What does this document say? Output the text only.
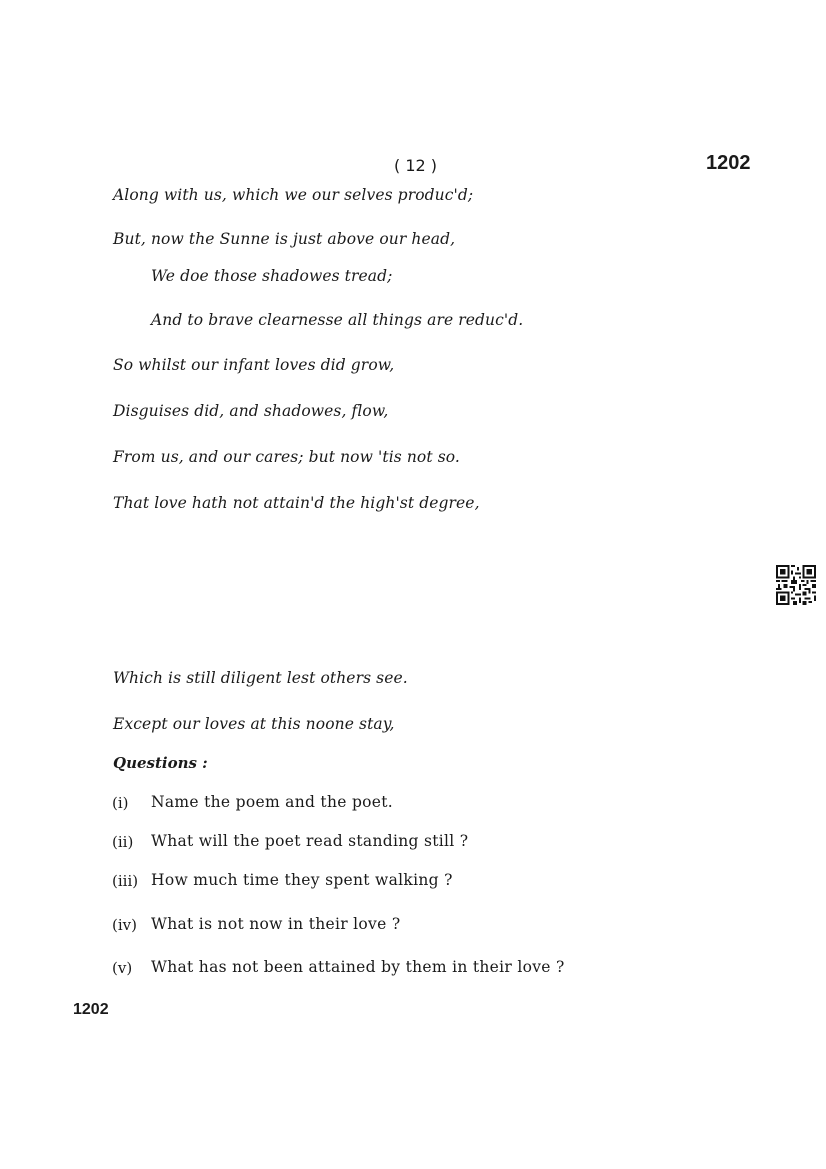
( 12 )	1202
Along with us, which we our selves produc'd;
But, now the Sunne is just above our head,
We doe those shadowes tread;
And to brave clearnesse all things are reduc'd.
So whilst our infant loves did grow,
Disguises did, and shadowes, flow,
From us, and our cares; but now 'tis not so.
That love hath not attain'd the high'st degree,
Which is still diligent lest others see.
Except our loves at this noone stay,
Questions :
(i) Name the poem and the poet.
(ii) What will the poet read standing still ?
(iii) How much time they spent walking ?
(iv) What is not now in their love ?
(v) What has not been attained by them in their love ?
1202
